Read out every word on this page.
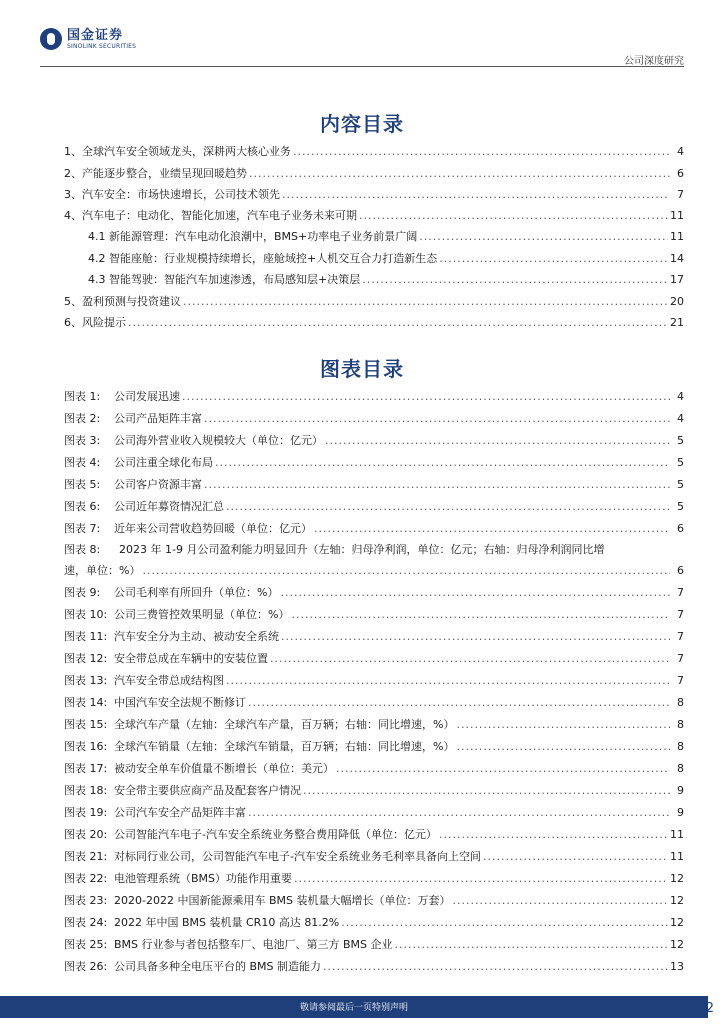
国金证券
SINOLINK SECURITIES
公司深度研究
内容目录
1、全球汽车安全领域龙头，深耕两大核心业务 .....	4
2、产能逐步整合，业绩呈现回暖趋势 .....	6
3、汽车安全：市场快速增长，公司技术领先 .....	7
4、汽车电子：电动化、智能化加速，汽车电子业务未来可期 .....	11
4.1 新能源管理：汽车电动化浪潮中，BMS+功率电子业务前景广阔 .....	11
4.2 智能座舱：行业规模持续增长，座舱域控+人机交互合力打造新生态 .....	14
4.3 智能驾驶：智能汽车加速渗透，布局感知层+决策层 .....	17
5、盈利预测与投资建议 .....	20
6、风险提示 .....	21
图表目录
图表 1:	公司发展迅速 .....	4
图表 2:	公司产品矩阵丰富 .....	4
图表 3:	公司海外营业收入规模较大（单位：亿元） .....	5
图表 4:	公司注重全球化布局 .....	5
图表 5:	公司客户资源丰富 .....	5
图表 6:	公司近年募资情况汇总 .....	5
图表 7:	近年来公司营收趋势回暖（单位：亿元） .....	6
图表 8:	2023 年 1-9 月公司盈利能力明显回升（左轴：归母净利润，单位：亿元；右轴：归母净利润同比增
速，单位：%） .....	6
图表 9:	公司毛利率有所回升（单位：%） .....	7
图表 10: 公司三费管控效果明显（单位：%） .....	7
图表 11: 汽车安全分为主动、被动安全系统 .....	7
图表 12: 安全带总成在车辆中的安装位置 .....	7
图表 13: 汽车安全带总成结构图 .....	7
图表 14: 中国汽车安全法规不断修订 .....	8
图表 15: 全球汽车产量（左轴：全球汽车产量，百万辆；右轴：同比增速，%） .....	8
图表 16: 全球汽车销量（左轴：全球汽车销量，百万辆；右轴：同比增速，%） .....	8
图表 17: 被动安全单车价值量不断增长（单位：美元） .....	8
图表 18: 安全带主要供应商产品及配套客户情况 .....	9
图表 19: 公司汽车安全产品矩阵丰富 .....	9
图表 20: 公司智能汽车电子-汽车安全系统业务整合费用降低（单位：亿元） .....	11
图表 21: 对标同行业公司，公司智能汽车电子-汽车安全系统业务毛利率具备向上空间 .....	11
图表 22: 电池管理系统（BMS）功能作用重要 .....	12
图表 23: 2020-2022 中国新能源乘用车 BMS 装机量大幅增长（单位：万套） .....	12
图表 24: 2022 年中国 BMS 装机量 CR10 高达 81.2% .....	12
图表 25: BMS 行业参与者包括整车厂、电池厂、第三方 BMS 企业 .....	12
图表 26: 公司具备多种全电压平台的 BMS 制造能力 .....	13
敬请参阅最后一页特别声明	2
